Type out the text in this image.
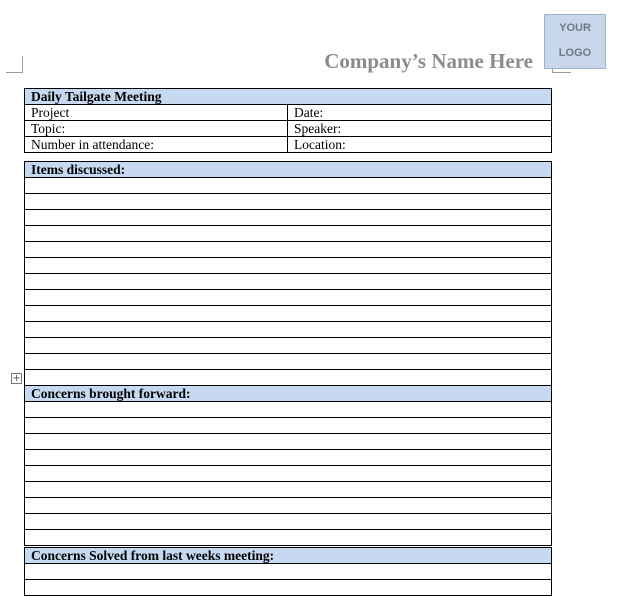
Company’s Name Here
YOUR
LOGO
Daily Tailgate Meeting	
Project	Date:
Topic:	Speaker:
Number in attendance:	Location:
Items discussed:

Concerns brought forward:

Concerns Solved from last weeks meeting:

+
